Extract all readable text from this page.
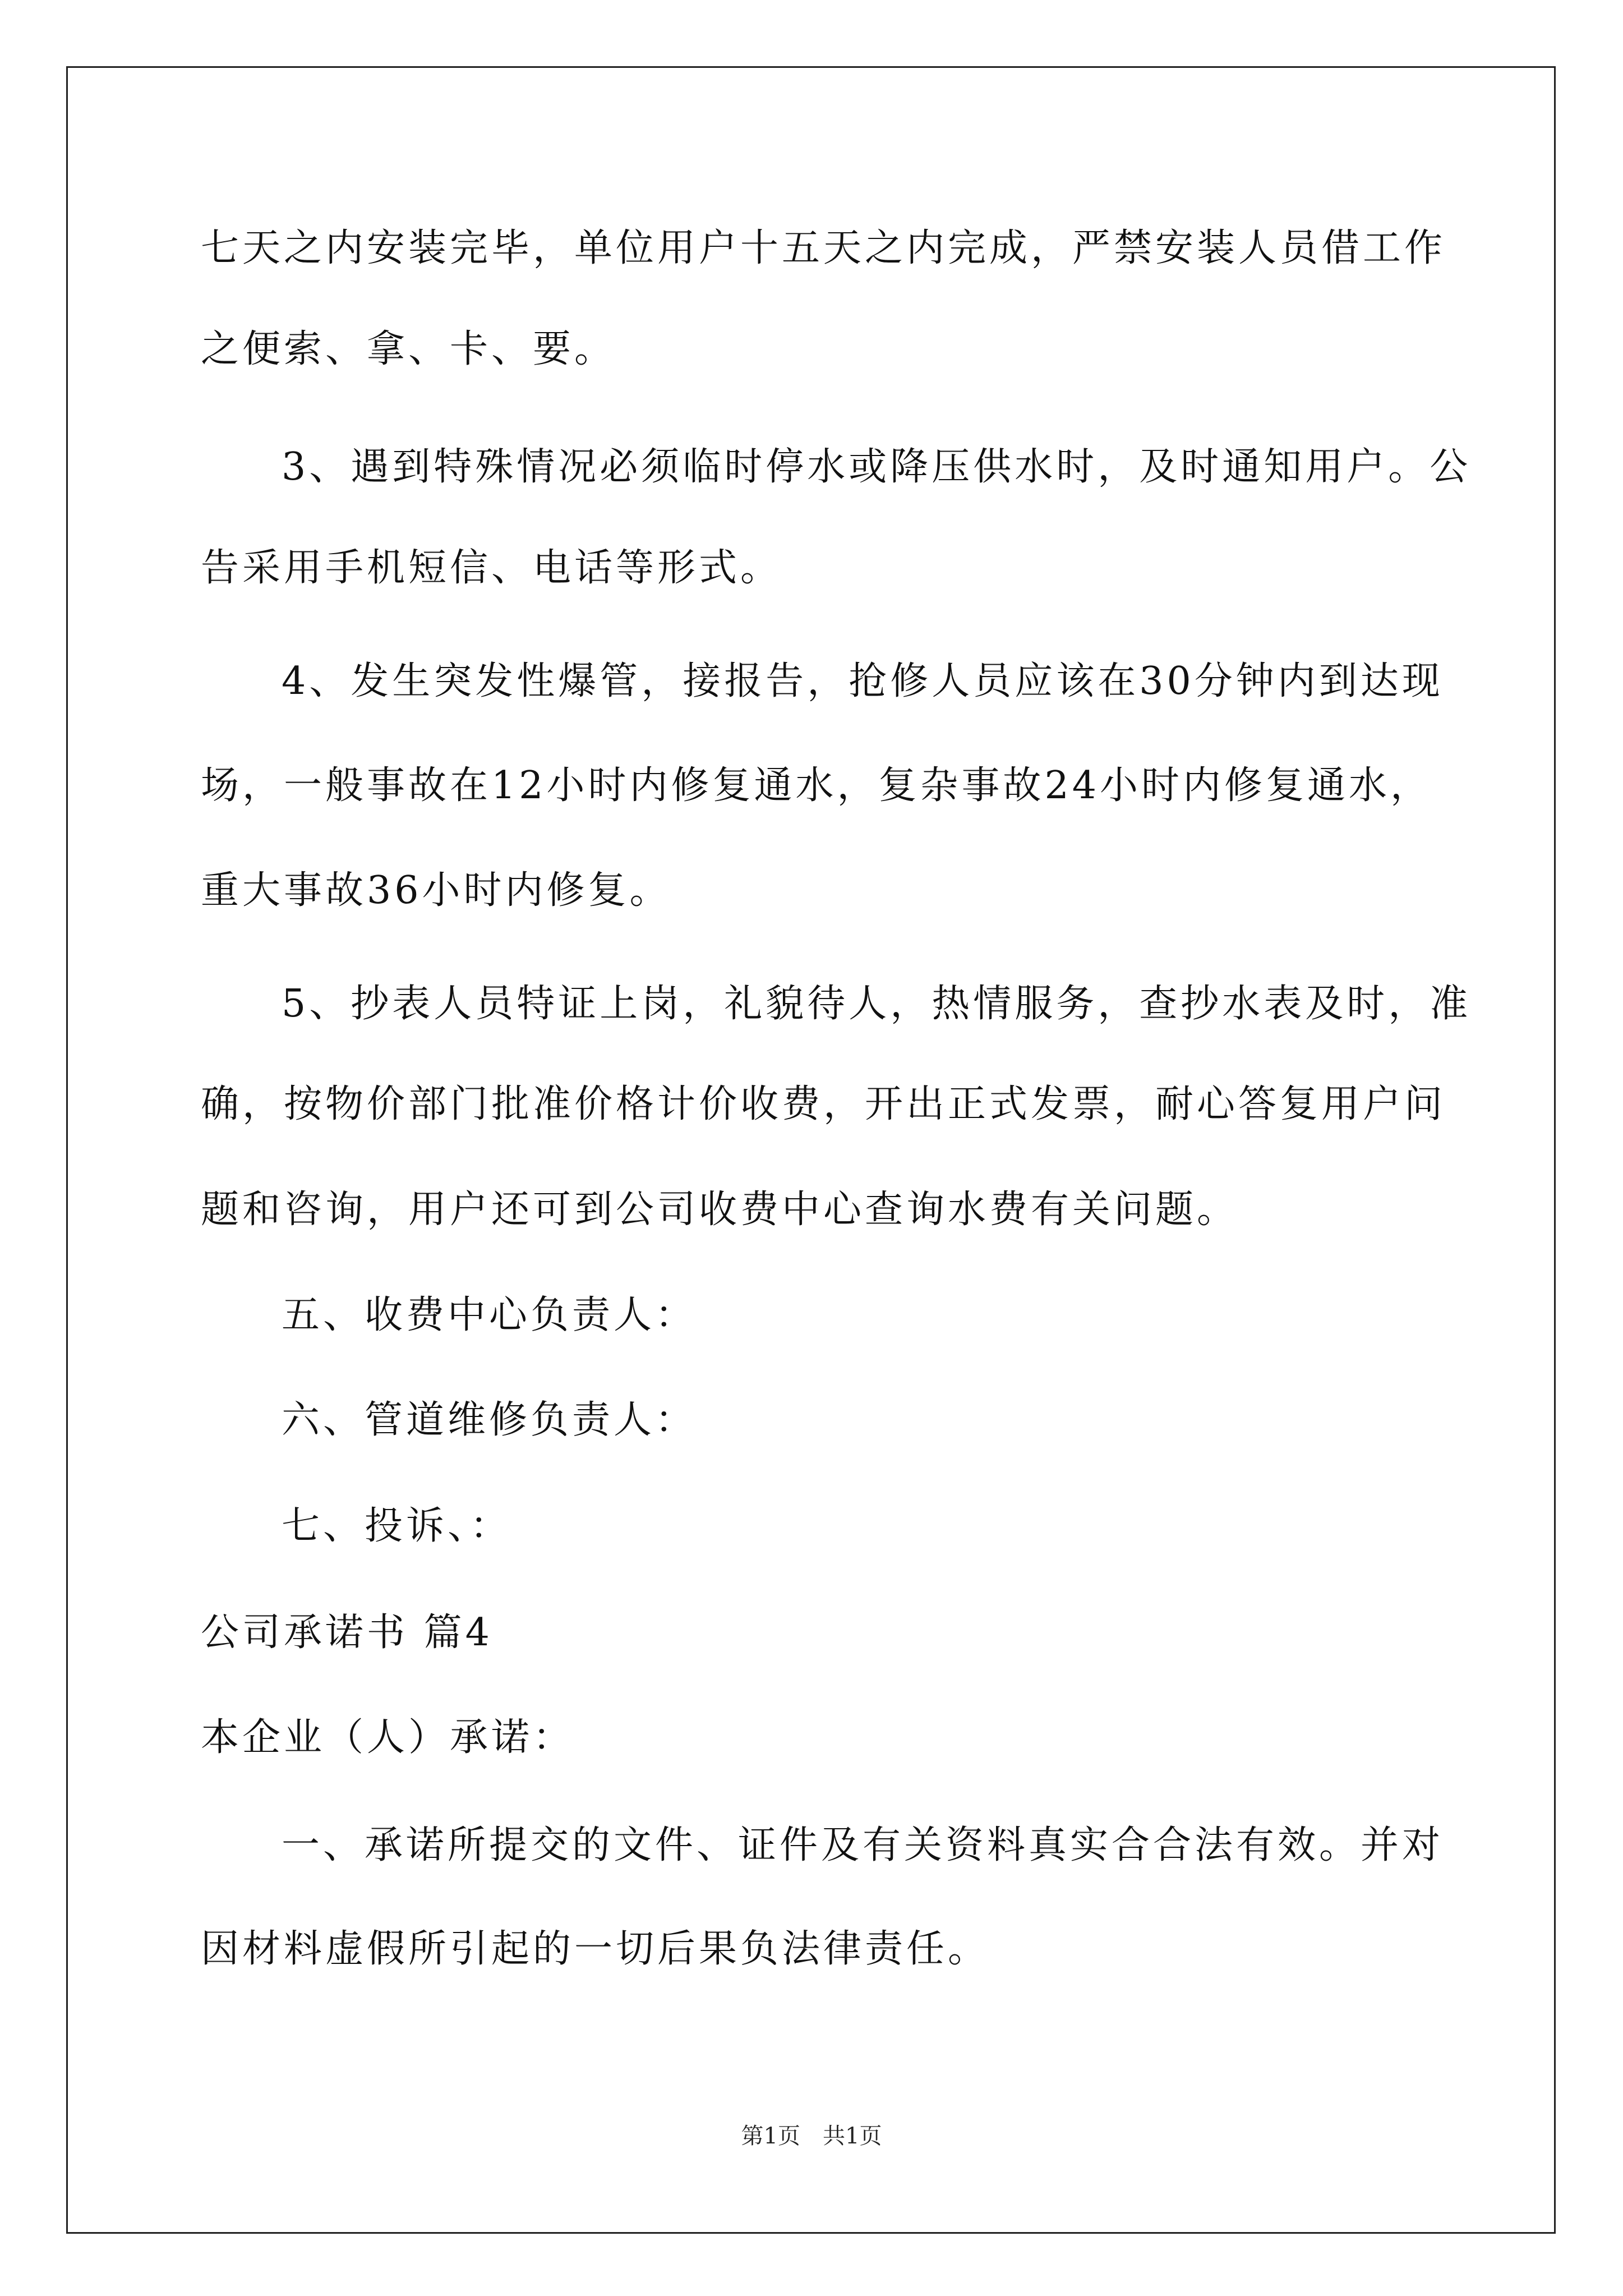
七天之内安装完毕，单位用户十五天之内完成，严禁安装人员借工作

之便索、拿、卡、要。

3、遇到特殊情况必须临时停水或降压供水时，及时通知用户。公

告采用手机短信、电话等形式。

4、发生突发性爆管，接报告，抢修人员应该在30分钟内到达现

场，一般事故在12小时内修复通水，复杂事故24小时内修复通水，

重大事故36小时内修复。

5、抄表人员特证上岗，礼貌待人，热情服务，查抄水表及时，准

确，按物价部门批准价格计价收费，开出正式发票，耐心答复用户问

题和咨询，用户还可到公司收费中心查询水费有关问题。

五、收费中心负责人：

六、管道维修负责人：

七、投诉、：

公司承诺书 篇4

本企业（人）承诺：

一、承诺所提交的文件、证件及有关资料真实合合法有效。并对

因材料虚假所引起的一切后果负法律责任。

第1页　共1页
